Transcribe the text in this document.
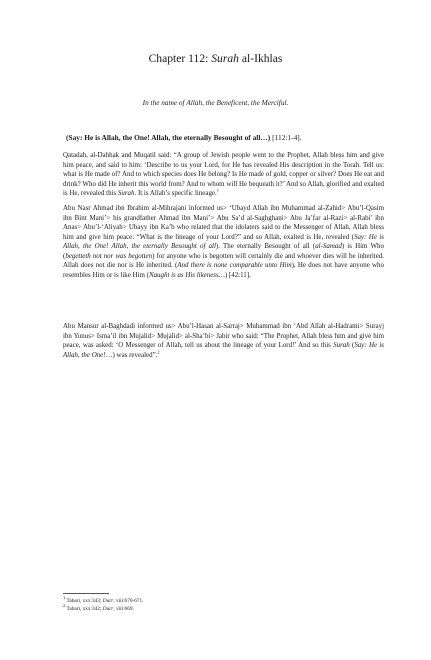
Chapter 112: Surah al-Ikhlas
In the name of Allah, the Beneficent, the Merciful.
(Say: He is Allah, the One! Allah, the eternally Besought of all…) [112:1-4].

Qatadah, al-Dahhak and Muqatil said: “A group of Jewish people went to the Prophet, Allah bless him and give him peace, and said to him: ‘Describe to us your Lord, for He has revealed His description in the Torah. Tell us: what is He made of? And to which species does He belong? Is He made of gold, copper or silver? Does He eat and drink? Who did He inherit this world from? And to whom will He bequeath it?’ And so Allah, glorified and exalted is He, revealed this Surah. It is Allah’s specific lineage.$^1$

Abu Nasr Ahmad ibn Ibrahim al-Mihrajani informed us> ‘Ubayd Allah ibn Muhammad al-Zahid> Abu’l-Qasim ibn Bint Mani’> his grandfather Ahmad ibn Mani’> Abu Sa’d al-Saghghani> Abu Ja’far al-Razi> al-Rabi’ ibn Anas> Abu’l-‘Aliyah> Ubayy ibn Ka’b who related that the idolaters said to the Messenger of Allah, Allah bless him and give him peace: “What is the lineage of your Lord?” and so Allah, exalted is He, revealed (Say: He is Allah, the One! Allah, the eternally Besought of all). The eternally Besought of all (al-Samad) is Him Who (begetteth not nor was begotten) for anyone who is begotten will certainly die and whoever dies will be inherited. Allah does not die nor is He inherited. (And there is none comparable unto Him), He does not have anyone who resembles Him or is like Him (Naught is as His likeness…) [42:11].

Abu Mansur al-Baghdadi informed us> Abu’l-Hasan al-Sarraj> Muhammad ibn ‘Abd Allah al-Hadrami> Surayj ibn Yunus> Isma’il ibn Mujalid> Mujalid> al-Sha’bi> Jabir who said: “The Prophet, Allah bless him and give him peace, was asked: ‘O Messenger of Allah, tell us about the lineage of your Lord!’ And so this Surah (Say: He is Allah, the One!…) was revealed”.$^2$

$^1$ Tabari, xxx:343; Durr, viii:670-671.
$^2$ Tabari, xxx:342; Durr, viii:669.
